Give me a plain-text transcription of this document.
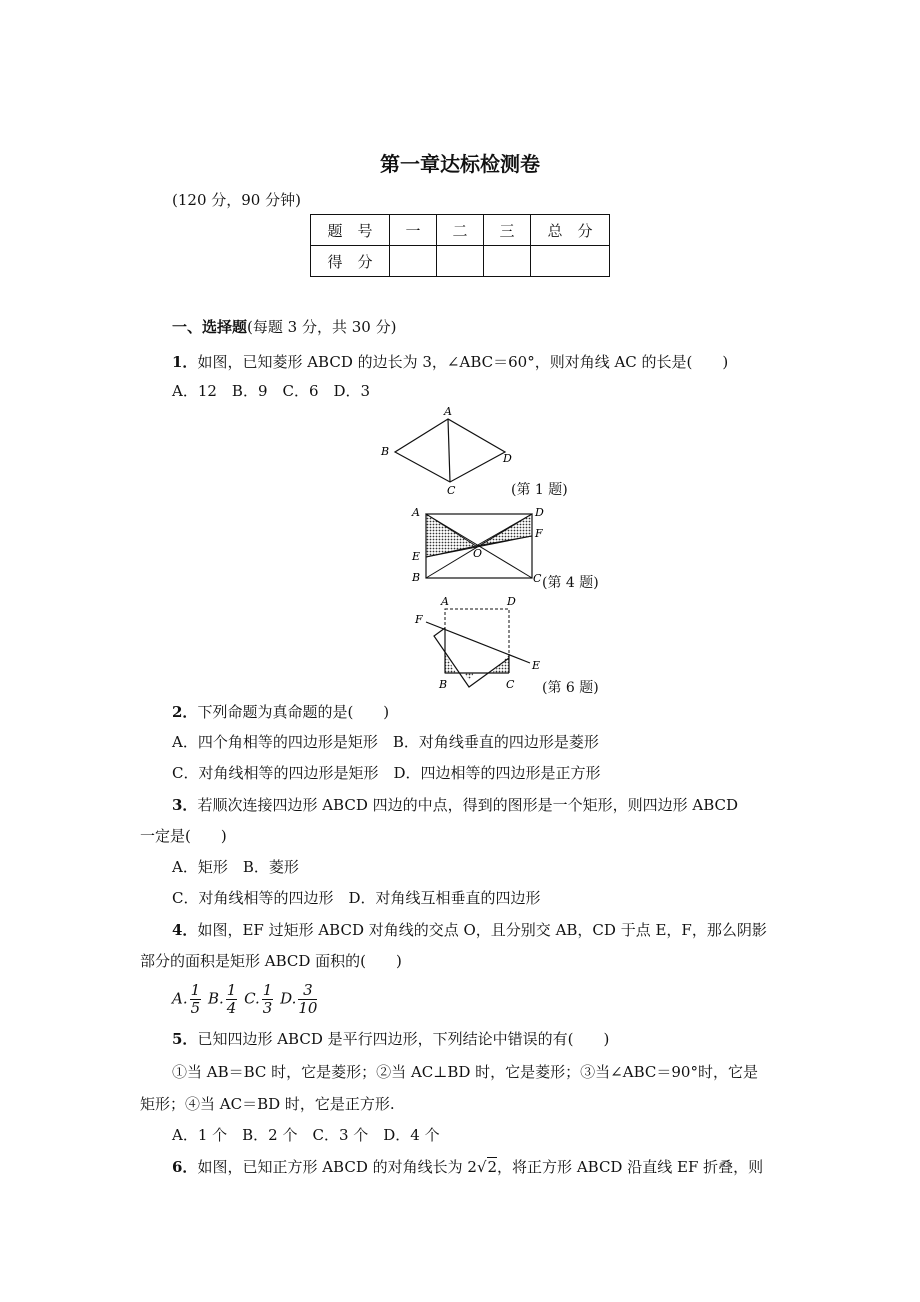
第一章达标检测卷
(120 分，90 分钟)
题　号	一	二	三	总　分
得　分				
一、选择题(每题 3 分，共 30 分)
1．如图，已知菱形 ABCD 的边长为 3，∠ABC＝60°，则对角线 AC 的长是(　　)
A．12　B．9　C．6　D．3
A
B
C
D
(第 1 题)
A	D
F
O
E
B	C (第 4 题)
A	D
F
E
B	C (第 6 题)
2．下列命题为真命题的是(　　)
A．四个角相等的四边形是矩形　B．对角线垂直的四边形是菱形
C．对角线相等的四边形是矩形　D．四边相等的四边形是正方形
3．若顺次连接四边形 ABCD 四边的中点，得到的图形是一个矩形，则四边形 ABCD
一定是(　　)
A．矩形　B．菱形
C．对角线相等的四边形　D．对角线互相垂直的四边形
4．如图，EF 过矩形 ABCD 对角线的交点 O，且分别交 AB，CD 于点 E，F，那么阴影
部分的面积是矩形 ABCD 面积的(　　)
A. $\frac{1}{5} B$. $\frac{1}{4} C$. $\frac{1}{3} D$. $\frac{3}{10}$
5．已知四边形 ABCD 是平行四边形，下列结论中错误的有(　　)
①当 AB＝BC 时，它是菱形；②当 AC⊥BD 时，它是菱形；③当∠ABC＝90°时，它是
矩形；④当 AC＝BD 时，它是正方形.
A．1 个　B．2 个　C．3 个　D．4 个
6．如图，已知正方形 ABCD 的对角线长为 2√2，将正方形 ABCD 沿直线 EF 折叠，则
